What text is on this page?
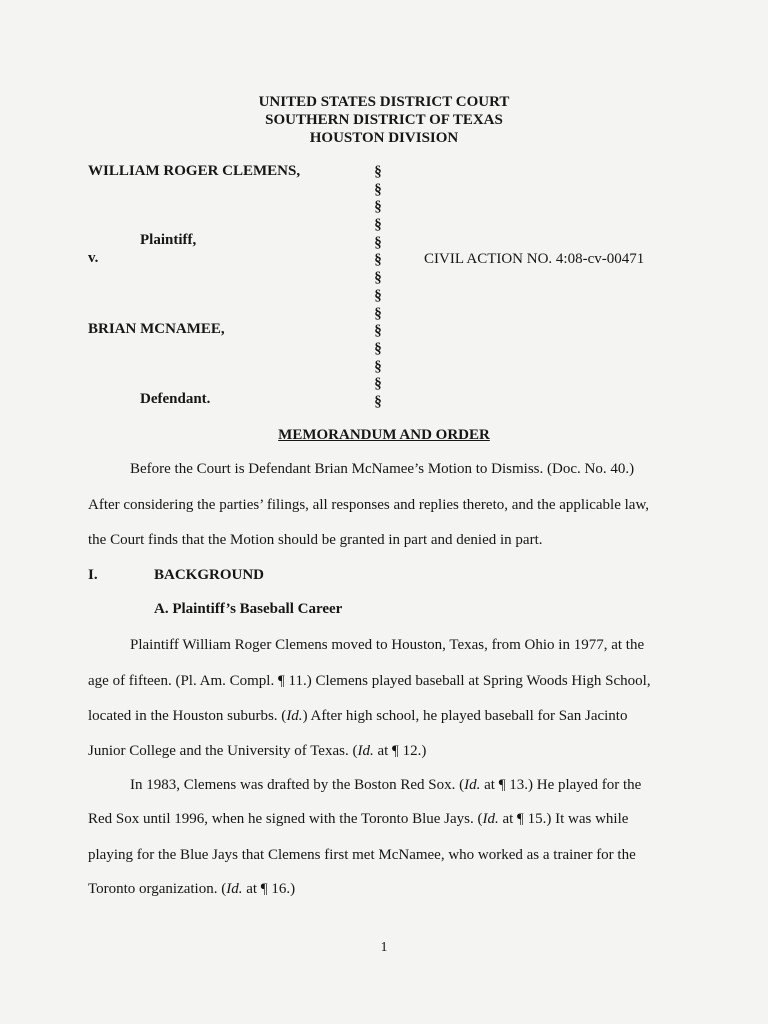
UNITED STATES DISTRICT COURT
SOUTHERN DISTRICT OF TEXAS
HOUSTON DIVISION
WILLIAM ROGER CLEMENS,
Plaintiff,
v.
BRIAN MCNAMEE,
Defendant.
§
§
§
§
§
§
§
§
§
§
§
§
§
§
CIVIL ACTION NO. 4:08-cv-00471
MEMORANDUM AND ORDER
Before the Court is Defendant Brian McNamee’s Motion to Dismiss. (Doc. No. 40.)
After considering the parties’ filings, all responses and replies thereto, and the applicable law,
the Court finds that the Motion should be granted in part and denied in part.
I.	BACKGROUND
A. Plaintiff’s Baseball Career
Plaintiff William Roger Clemens moved to Houston, Texas, from Ohio in 1977, at the
age of fifteen. (Pl. Am. Compl. ¶ 11.) Clemens played baseball at Spring Woods High School,
located in the Houston suburbs. (Id.) After high school, he played baseball for San Jacinto
Junior College and the University of Texas. (Id. at ¶ 12.)
In 1983, Clemens was drafted by the Boston Red Sox. (Id. at ¶ 13.) He played for the
Red Sox until 1996, when he signed with the Toronto Blue Jays. (Id. at ¶ 15.) It was while
playing for the Blue Jays that Clemens first met McNamee, who worked as a trainer for the
Toronto organization. (Id. at ¶ 16.)
1
